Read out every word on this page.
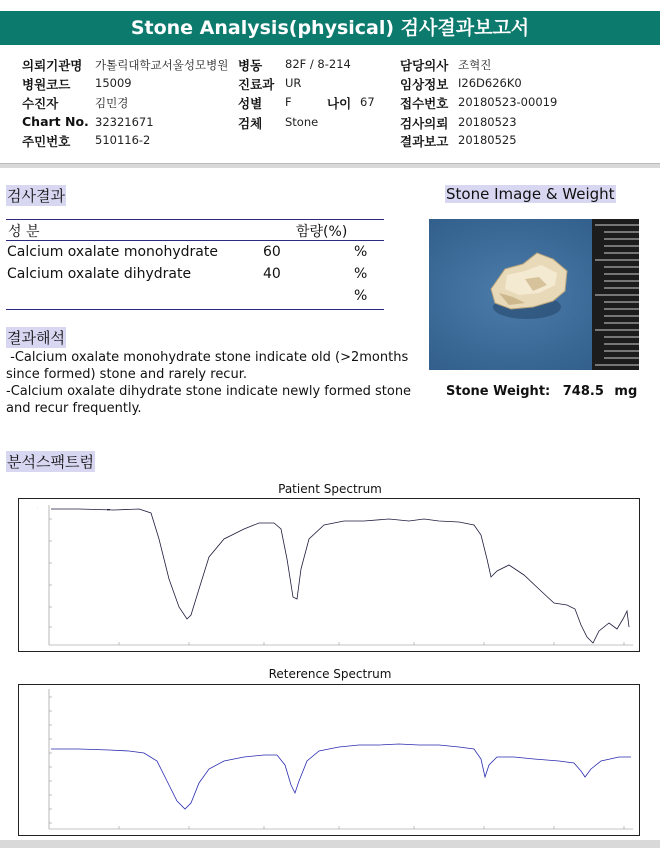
Stone Analysis(physical) 검사결과보고서
의뢰기관명 가톨릭대학교서울성모병원
병원코드 15009
수진자	김민경
Chart No. 32321671
주민번호 510116-2
병동 82F / 8-214
진료과 UR
성별 F
검체 Stone
나이 67
담당의사 조혁진
임상정보 I26D626K0
접수번호 20180523-00019
검사의뢰 20180523
결과보고 20180525
검사결과
성 분	함량(%)
Calcium oxalate monohydrate	60	%
Calcium oxalate dihydrate	40	%
%
Stone Image & Weight
Stone Weight: 748.5 mg
결과해석
-Calcium oxalate monohydrate stone indicate old (>2months since formed) stone and rarely recur.
-Calcium oxalate dihydrate stone indicate newly formed stone and recur frequently.
분석스팩트럼
Patient Spectrum
-
Reterence Spectrum
